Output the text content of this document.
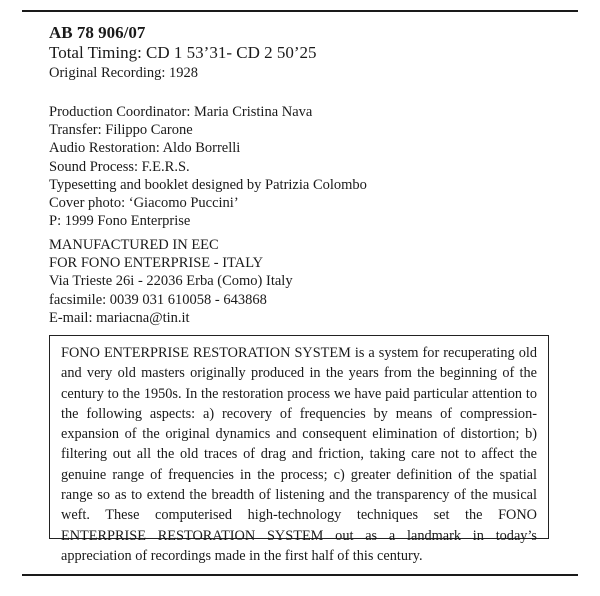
AB 78 906/07
Total Timing: CD 1 53’31- CD 2 50’25
Original Recording: 1928
Production Coordinator: Maria Cristina Nava
Transfer: Filippo Carone
Audio Restoration: Aldo Borrelli
Sound Process: F.E.R.S.
Typesetting and booklet designed by Patrizia Colombo
Cover photo: ‘Giacomo Puccini’
P: 1999 Fono Enterprise
MANUFACTURED IN EEC
FOR FONO ENTERPRISE - ITALY
Via Trieste 26i - 22036 Erba (Como) Italy
facsimile: 0039 031 610058 - 643868
E-mail: mariacna@tin.it

FONO ENTERPRISE RESTORATION SYSTEM is a system for recuperating old and very old masters originally produced in the years from the beginning of the century to the 1950s. In the restoration process we have paid particular attention to the following aspects: a) recovery of frequencies by means of compression-expansion of the original dynamics and consequent elimination of distortion; b) filtering out all the old traces of drag and friction, taking care not to affect the genuine range of frequencies in the process; c) greater definition of the spatial range so as to extend the breadth of listening and the transparency of the musical weft. These computerised high-technology techniques set the FONO ENTERPRISE RESTORATION SYSTEM out as a landmark in today’s appreciation of recordings made in the first half of this century.
